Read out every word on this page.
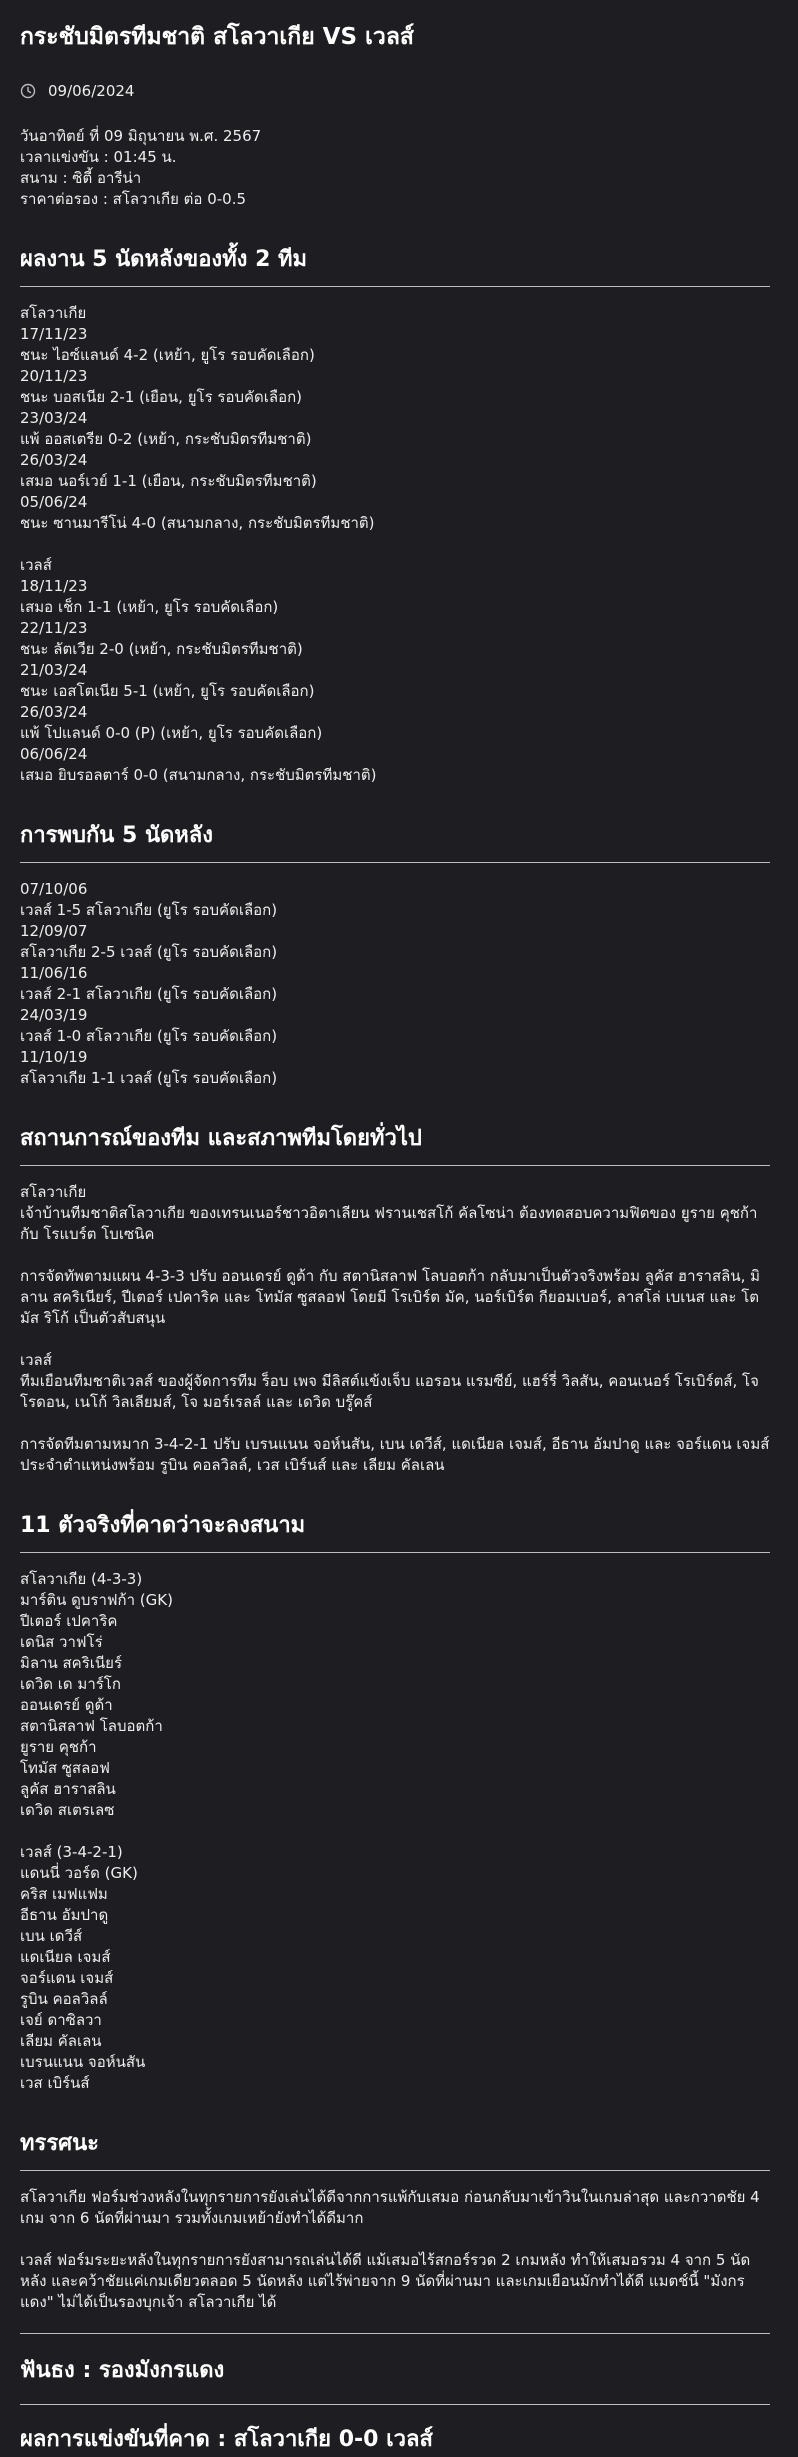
กระชับมิตรทีมชาติ สโลวาเกีย VS เวลส์
09/06/2024
วันอาทิตย์ ที่ 09 มิถุนายน พ.ศ. 2567
เวลาแข่งขัน : 01:45 น.
สนาม : ซิตี้ อารีน่า
ราคาต่อรอง : สโลวาเกีย ต่อ 0-0.5
ผลงาน 5 นัดหลังของทั้ง 2 ทีม
สโลวาเกีย
17/11/23
ชนะ ไอซ์แลนด์ 4-2 (เหย้า, ยูโร รอบคัดเลือก)
20/11/23
ชนะ บอสเนีย 2-1 (เยือน, ยูโร รอบคัดเลือก)
23/03/24
แพ้ ออสเตรีย 0-2 (เหย้า, กระชับมิตรทีมชาติ)
26/03/24
เสมอ นอร์เวย์ 1-1 (เยือน, กระชับมิตรทีมชาติ)
05/06/24
ชนะ ซานมารีโน่ 4-0 (สนามกลาง, กระชับมิตรทีมชาติ)
เวลส์
18/11/23
เสมอ เช็ก 1-1 (เหย้า, ยูโร รอบคัดเลือก)
22/11/23
ชนะ ลัตเวีย 2-0 (เหย้า, กระชับมิตรทีมชาติ)
21/03/24
ชนะ เอสโตเนีย 5-1 (เหย้า, ยูโร รอบคัดเลือก)
26/03/24
แพ้ โปแลนด์ 0-0 (P) (เหย้า, ยูโร รอบคัดเลือก)
06/06/24
เสมอ ยิบรอลตาร์ 0-0 (สนามกลาง, กระชับมิตรทีมชาติ)
การพบกัน 5 นัดหลัง
07/10/06
เวลส์ 1-5 สโลวาเกีย (ยูโร รอบคัดเลือก)
12/09/07
สโลวาเกีย 2-5 เวลส์ (ยูโร รอบคัดเลือก)
11/06/16
เวลส์ 2-1 สโลวาเกีย (ยูโร รอบคัดเลือก)
24/03/19
เวลส์ 1-0 สโลวาเกีย (ยูโร รอบคัดเลือก)
11/10/19
สโลวาเกีย 1-1 เวลส์ (ยูโร รอบคัดเลือก)
สถานการณ์ของทีม และสภาพทีมโดยทั่วไป

สโลวาเกีย

เจ้าบ้านทีมชาติสโลวาเกีย ของเทรนเนอร์ชาวอิตาเลียน ฟรานเชสโก้ คัลโซน่า ต้องทดสอบความฟิตของ ยูราย คุชก้า กับ โรแบร์ต โบเซนิค

การจัดทัพตามแผน 4-3-3 ปรับ ออนเดรย์ ดูด้า กับ สตานิสลาฟ โลบอตก้า กลับมาเป็นตัวจริงพร้อม ลูคัส ฮาราสลิน, มิลาน สคริเนียร์, ปีเตอร์ เปคาริค และ โทมัส ซูสลอฟ โดยมี โรเบิร์ต มัค, นอร์เบิร์ต กียอมเบอร์, ลาสโล่ เบเนส และ โตมัส ริโก้ เป็นตัวสับสนุน

เวลส์

ทีมเยือนทีมชาติเวลส์ ของผู้จัดการทีม ร็อบ เพจ มีลิสต์แข้งเจ็บ แอรอน แรมซีย์, แฮร์รี่ วิลสัน, คอนเนอร์ โรเบิร์ตส์, โจ โรดอน, เนโก้ วิลเลียมส์, โจ มอร์เรลล์ และ เดวิด บรู๊คส์

การจัดทีมตามหมาก 3-4-2-1 ปรับ เบรนแนน จอห์นสัน, เบน เดวีส์, แดเนียล เจมส์, อีธาน อัมปาดู และ จอร์แดน เจมส์ ประจำตำแหน่งพร้อม รูบิน คอลวิลล์, เวส เบิร์นส์ และ เลียม คัลเลน

11 ตัวจริงที่คาดว่าจะลงสนาม
สโลวาเกีย (4-3-3)
มาร์ติน ดูบราฟก้า (GK)
ปีเตอร์ เปคาริค
เดนิส วาฟโร่
มิลาน สคริเนียร์
เดวิด เด มาร์โก
ออนเดรย์ ดูด้า
สตานิสลาฟ โลบอตก้า
ยูราย คุชก้า
โทมัส ซูสลอฟ
ลูคัส ฮาราสลิน
เดวิด สเตรเลซ
เวลส์ (3-4-2-1)
แดนนี่ วอร์ด (GK)
คริส เมฟแฟม
อีธาน อัมปาดู
เบน เดวีส์
แดเนียล เจมส์
จอร์แดน เจมส์
รูบิน คอลวิลล์
เจย์ ดาซิลวา
เลียม คัลเลน
เบรนแนน จอห์นสัน
เวส เบิร์นส์
ทรรศนะ

สโลวาเกีย ฟอร์มช่วงหลังในทุกรายการยังเล่นได้ดีจากการแพ้กับเสมอ ก่อนกลับมาเข้าวินในเกมล่าสุด และกวาดชัย 4 เกม จาก 6 นัดที่ผ่านมา รวมทั้งเกมเหย้ายังทำได้ดีมาก

เวลส์ ฟอร์มระยะหลังในทุกรายการยังสามารถเล่นได้ดี แม้เสมอไร้สกอร์รวด 2 เกมหลัง ทำให้เสมอรวม 4 จาก 5 นัดหลัง และคว้าชัยแค่เกมเดียวตลอด 5 นัดหลัง แต่ไร้พ่ายจาก 9 นัดที่ผ่านมา และเกมเยือนมักทำได้ดี แมตช์นี้ "มังกรแดง" ไม่ได้เป็นรองบุกเจ้า สโลวาเกีย ได้

ฟันธง : รองมังกรแดง
ผลการแข่งขันที่คาด : สโลวาเกีย 0-0 เวลส์
